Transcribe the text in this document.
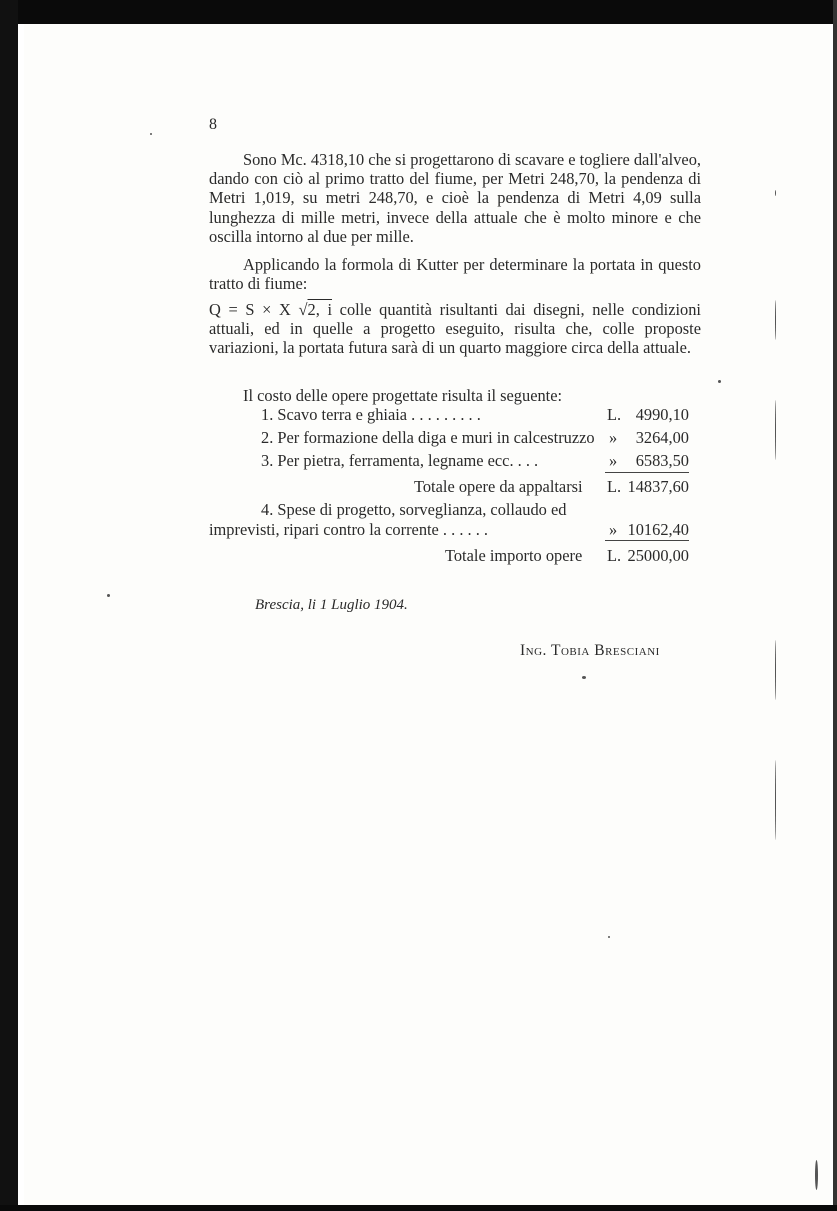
8
Sono Mc. 4318,10 che si progettarono di scavare e togliere dall'alveo, dando con ciò al primo tratto del fiume, per Metri 248,70, la pendenza di Metri 1,019, su metri 248,70, e cioè la pendenza di Metri 4,09 sulla lunghezza di mille metri, invece della attuale che è molto minore e che oscilla intorno al due per mille.
Applicando la formola di Kutter per determinare la portata in questo tratto di fiume:
Q = S × X √2, i colle quantità risultanti dai disegni, nelle condizioni attuali, ed in quelle a progetto eseguito, risulta che, colle proposte variazioni, la portata futura sarà di un quarto maggiore circa della attuale.
Il costo delle opere progettate risulta il seguente:
1. Scavo terra e ghiaia . . . . . . . . .	L. 4990,10
2. Per formazione della diga e muri in calcestruzzo » 3264,00
3. Per pietra, ferramenta, legname ecc. . . .	» 6583,50
Totale opere da appaltarsi L. 14837,60
4. Spese di progetto, sorveglianza, collaudo ed
imprevisti, ripari contro la corrente . . . . . .	» 10162,40
Totale importo opere L. 25000,00
Brescia, li 1 Luglio 1904.
Ing. Tobia Bresciani
